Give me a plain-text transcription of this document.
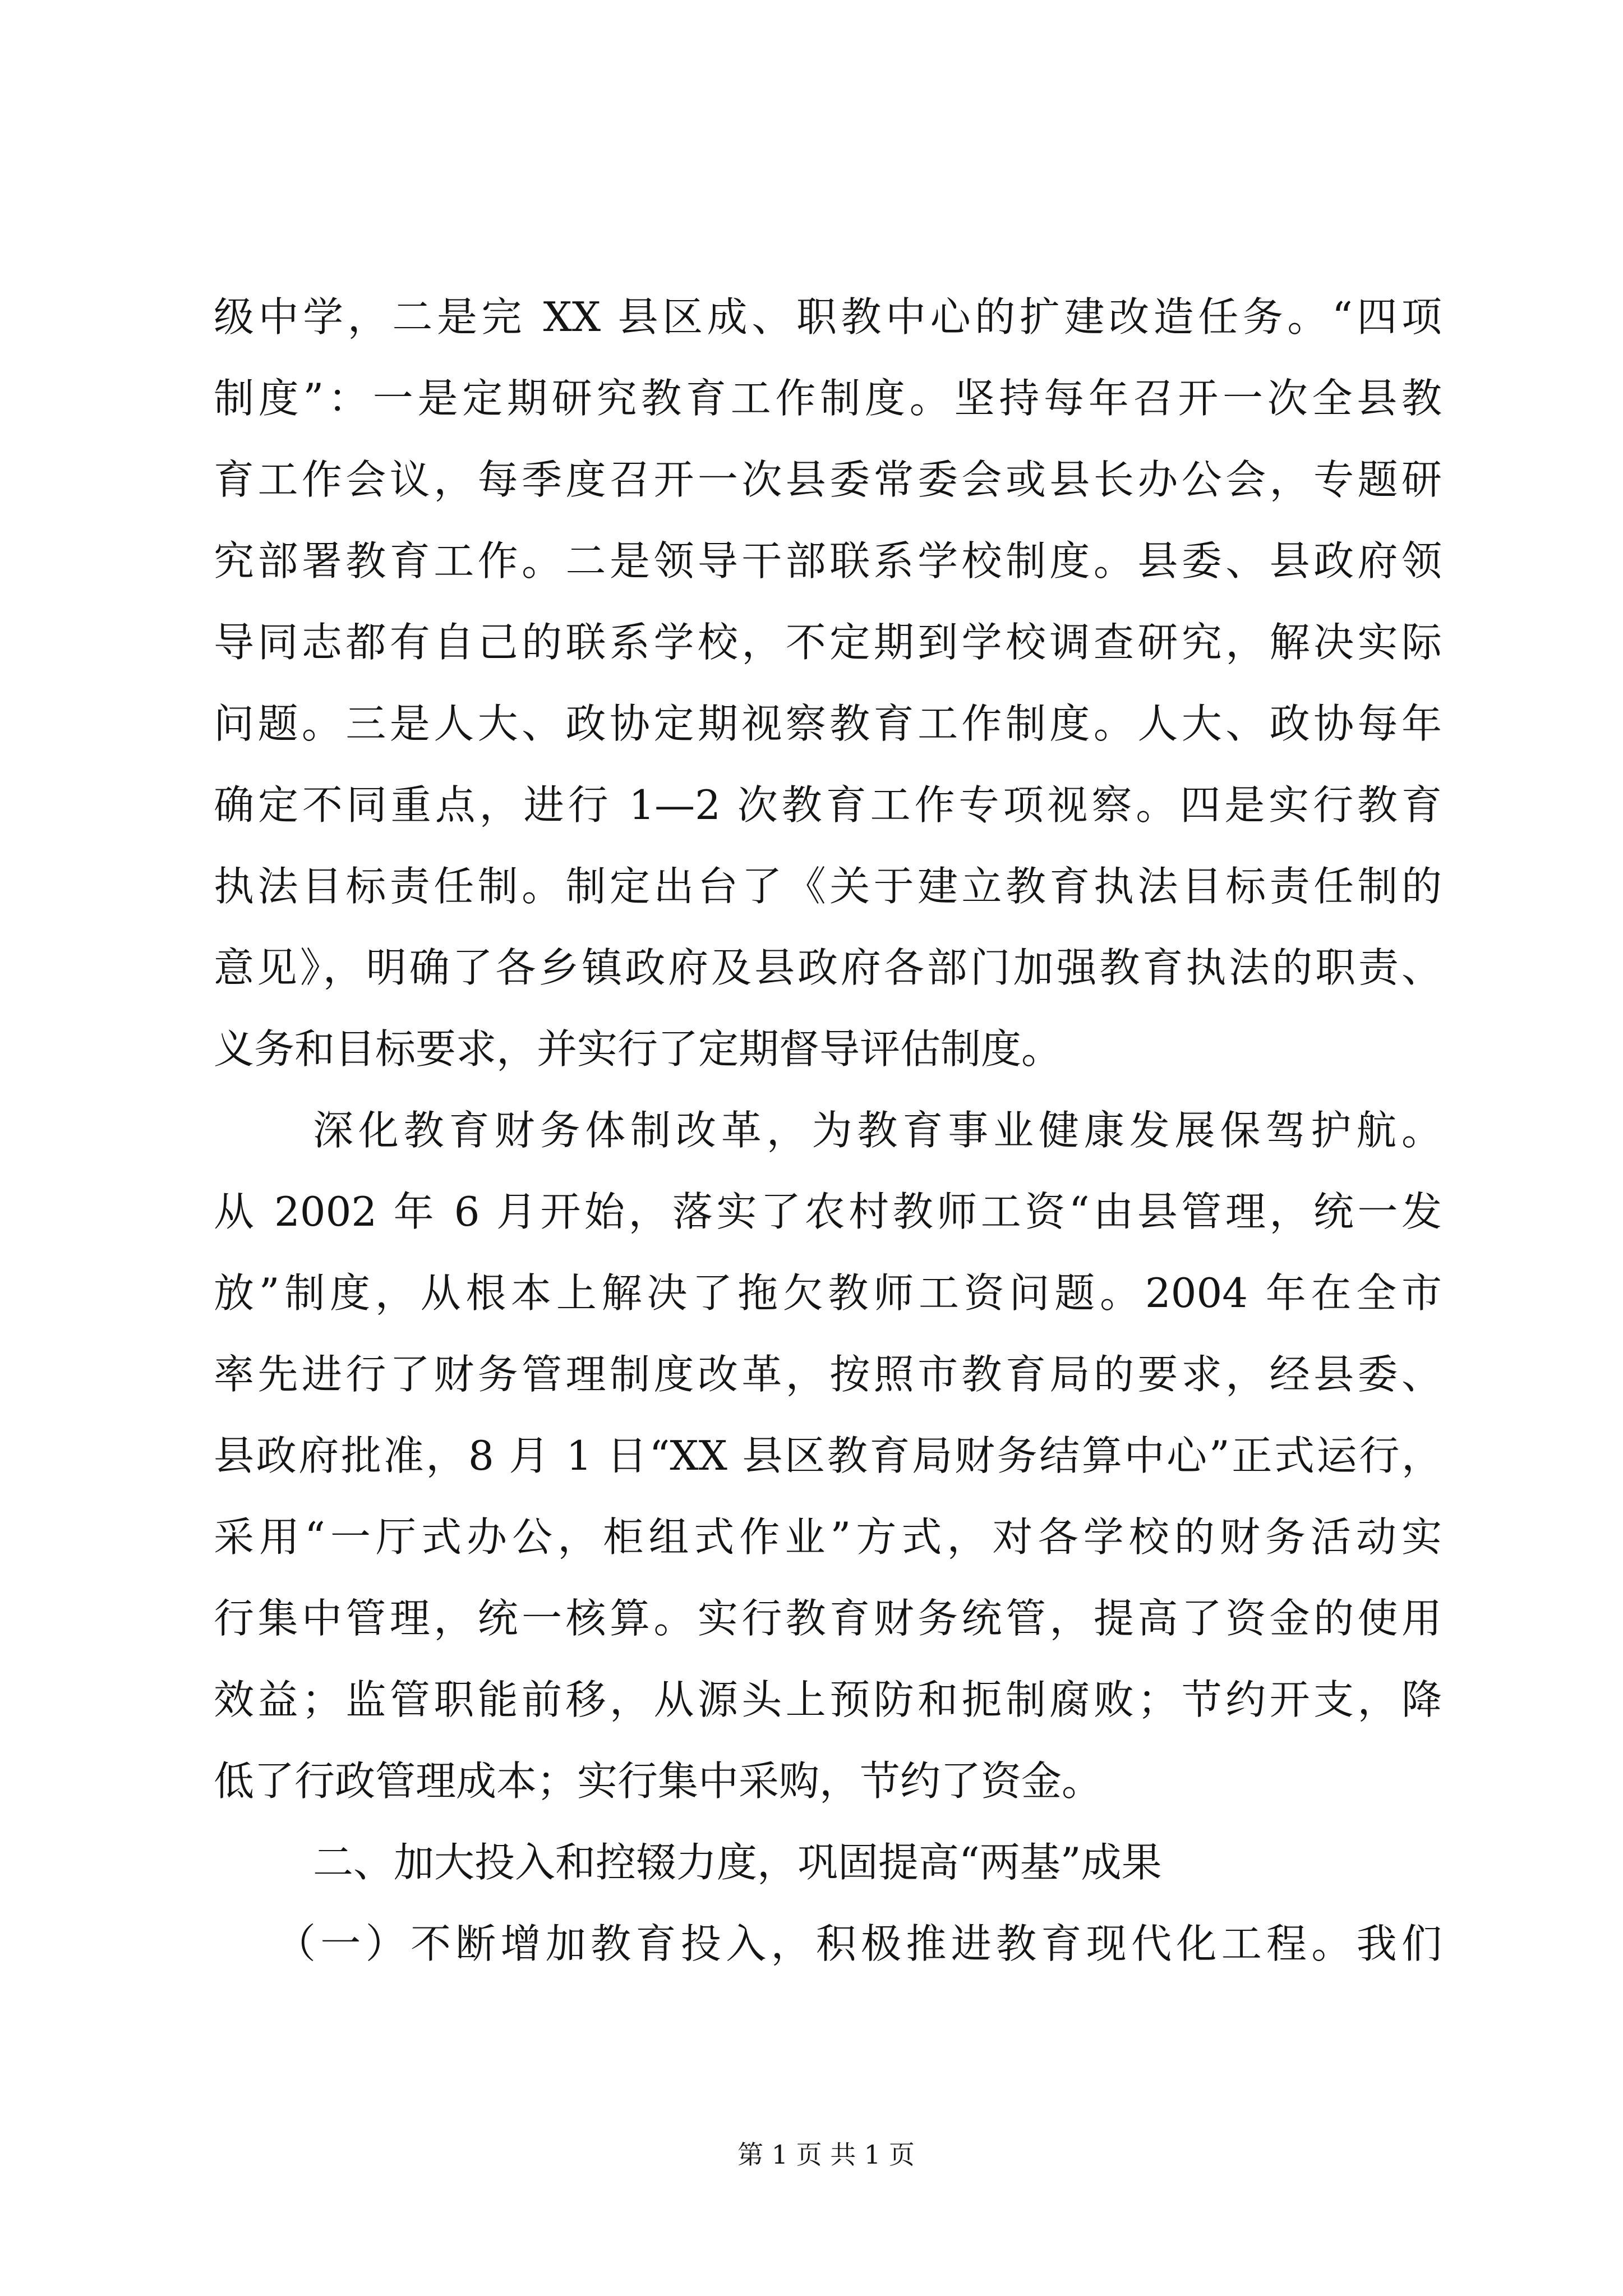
级中学，二是完 XX 县区成、职教中心的扩建改造任务。“四项
制度”：一是定期研究教育工作制度。坚持每年召开一次全县教
育工作会议，每季度召开一次县委常委会或县长办公会，专题研
究部署教育工作。二是领导干部联系学校制度。县委、县政府领
导同志都有自己的联系学校，不定期到学校调查研究，解决实际
问题。三是人大、政协定期视察教育工作制度。人大、政协每年
确定不同重点，进行 1—2 次教育工作专项视察。四是实行教育
执法目标责任制。制定出台了《关于建立教育执法目标责任制的
意见》，明确了各乡镇政府及县政府各部门加强教育执法的职责、
义务和目标要求，并实行了定期督导评估制度。
深化教育财务体制改革，为教育事业健康发展保驾护航。
从 2002 年 6 月开始，落实了农村教师工资“由县管理，统一发
放”制度，从根本上解决了拖欠教师工资问题。2004 年在全市
率先进行了财务管理制度改革，按照市教育局的要求，经县委、
县政府批准，8 月 1 日“XX 县区教育局财务结算中心”正式运行，
采用“一厅式办公，柜组式作业”方式，对各学校的财务活动实
行集中管理，统一核算。实行教育财务统管，提高了资金的使用
效益；监管职能前移，从源头上预防和扼制腐败；节约开支，降
低了行政管理成本；实行集中采购，节约了资金。
二、加大投入和控辍力度，巩固提高“两基”成果
（一）不断增加教育投入，积极推进教育现代化工程。我们
第 1 页 共 1 页
